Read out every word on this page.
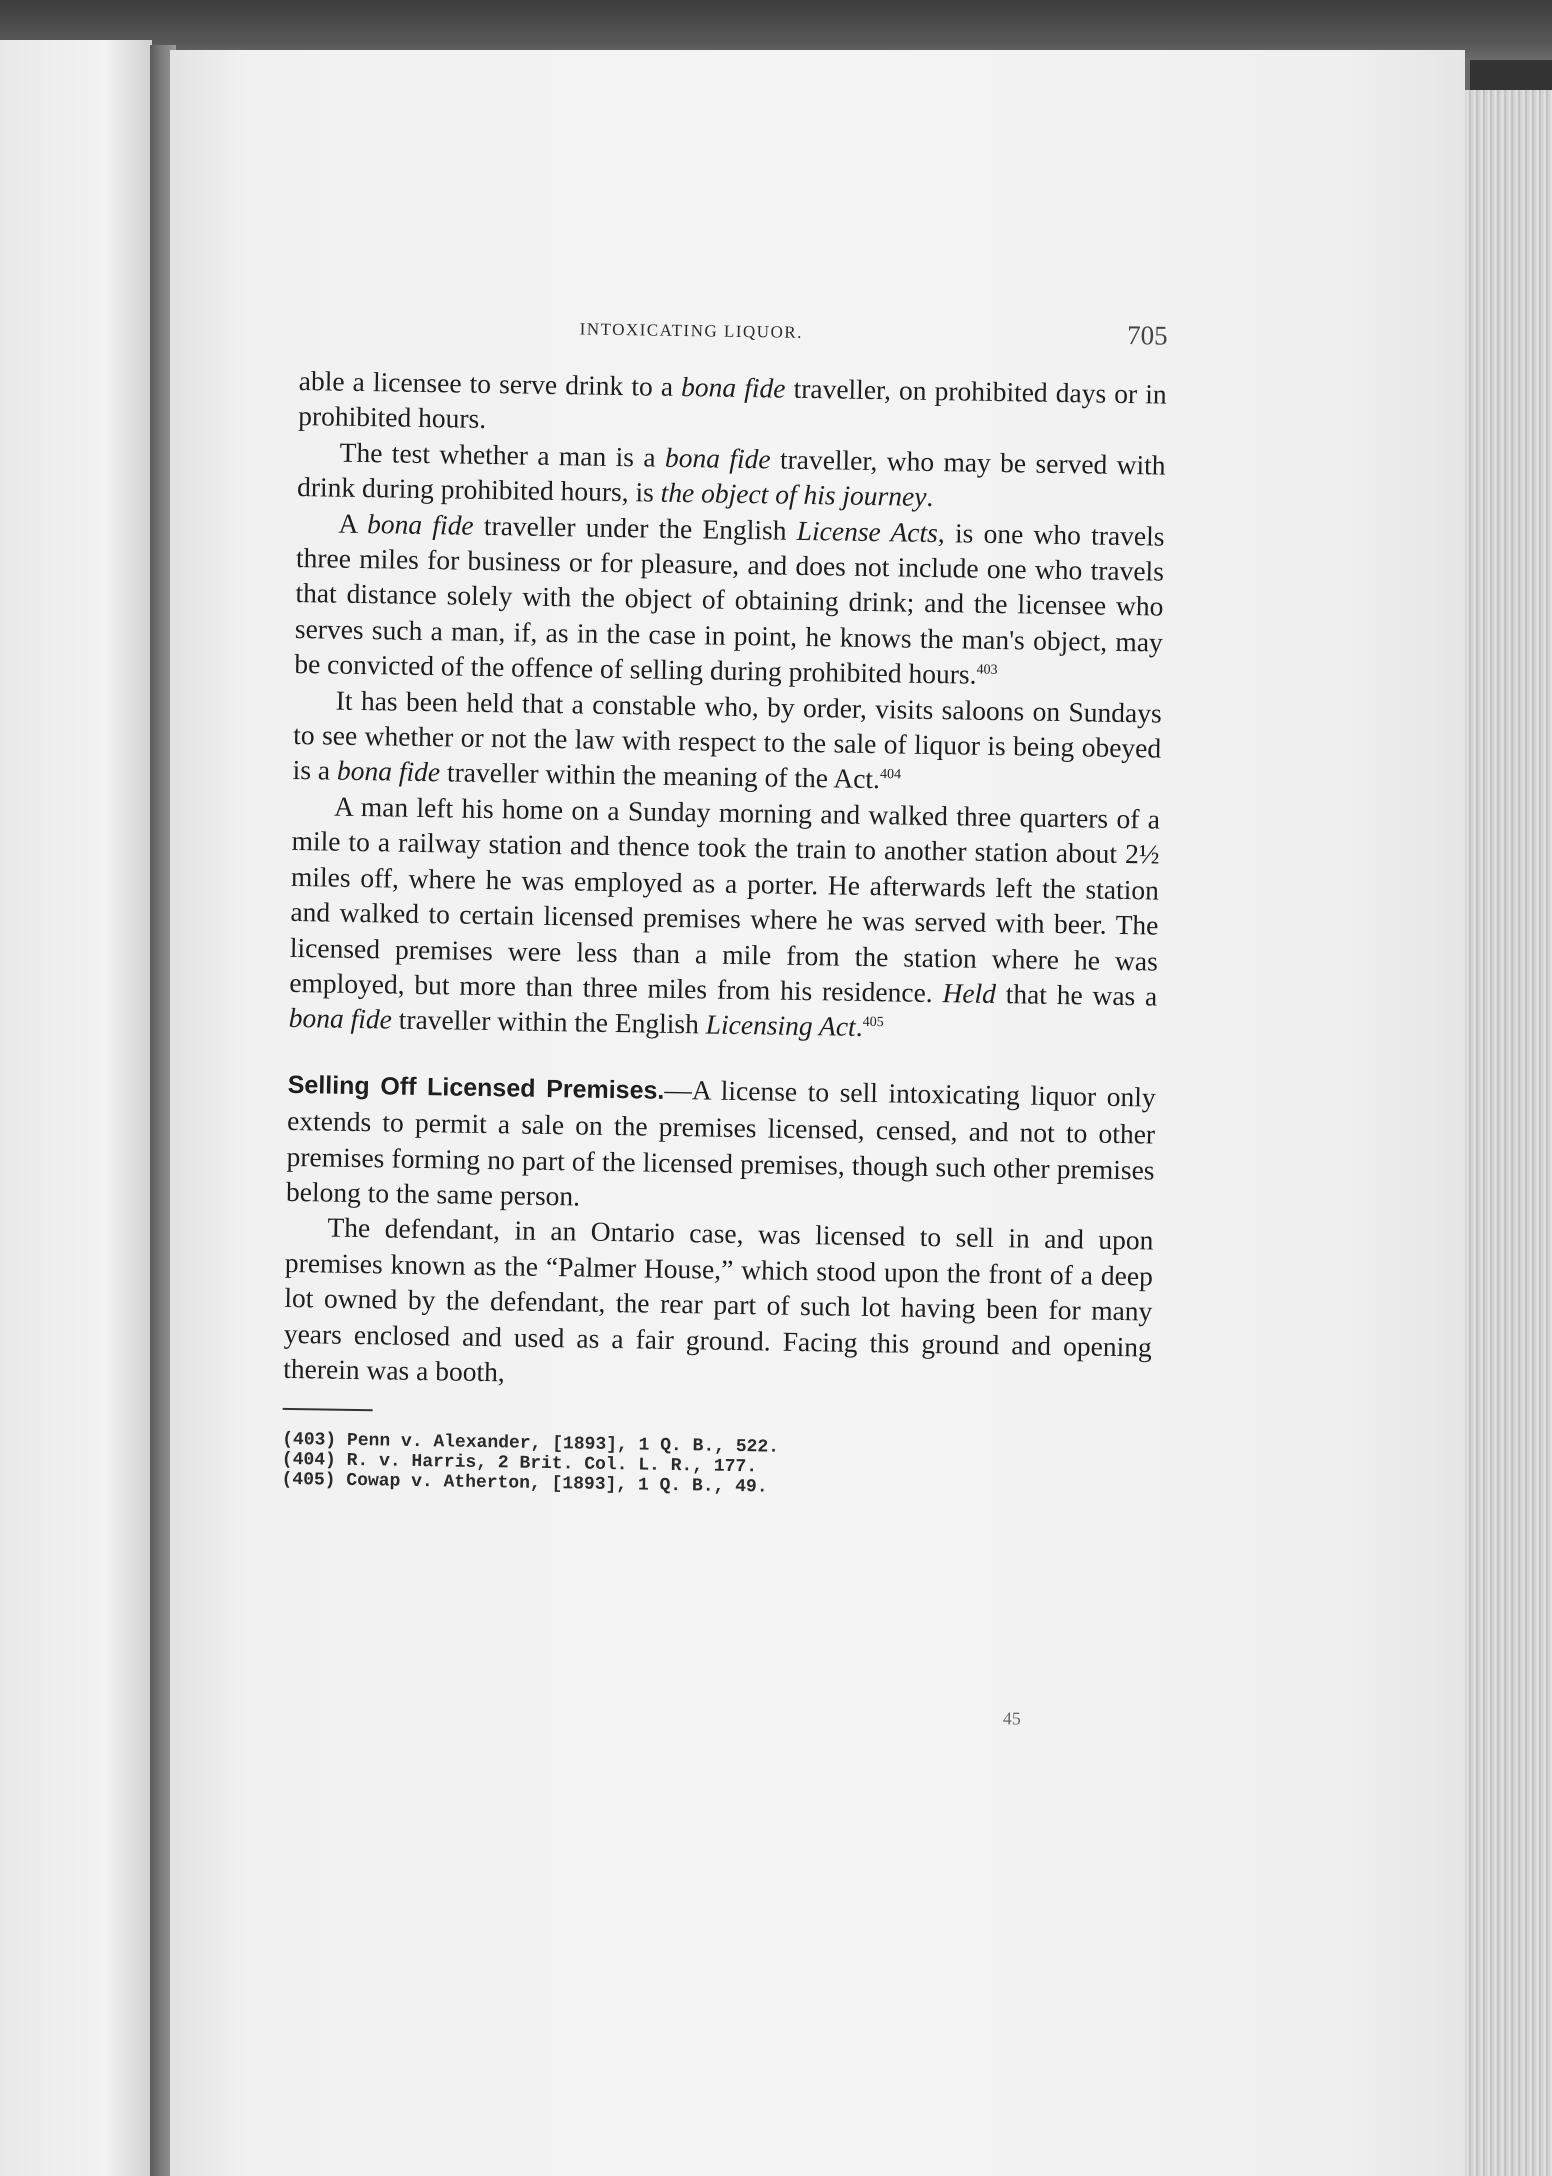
INTOXICATING LIQUOR.	705

able a licensee to serve drink to a bona fide traveller, on prohibited days or in prohibited hours.

The test whether a man is a bona fide traveller, who may be served with drink during prohibited hours, is the object of his journey.

A bona fide traveller under the English License Acts, is one who travels three miles for business or for pleasure, and does not include one who travels that distance solely with the object of obtaining drink; and the licensee who serves such a man, if, as in the case in point, he knows the man's object, may be convicted of the offence of selling during prohibited hours.$^{403}$

It has been held that a constable who, by order, visits saloons on Sundays to see whether or not the law with respect to the sale of liquor is being obeyed is a bona fide traveller within the meaning of the Act.$^{404}$

A man left his home on a Sunday morning and walked three quarters of a mile to a railway station and thence took the train to another station about 2½ miles off, where he was employed as a porter. He afterwards left the station and walked to certain licensed premises where he was served with beer. The licensed premises were less than a mile from the station where he was employed, but more than three miles from his residence. Held that he was a bona fide traveller within the English Licensing Act.$^{405}$

Selling Off Licensed Premises.—A license to sell intoxicating liquor only extends to permit a sale on the premises licensed, censed, and not to other premises forming no part of the licensed premises, though such other premises belong to the same person.

The defendant, in an Ontario case, was licensed to sell in and upon premises known as the “Palmer House,” which stood upon the front of a deep lot owned by the defendant, the rear part of such lot having been for many years enclosed and used as a fair ground. Facing this ground and opening therein was a booth,

(403) Penn v. Alexander, [1893], 1 Q. B., 522.
(404) R. v. Harris, 2 Brit. Col. L. R., 177.
(405) Cowap v. Atherton, [1893], 1 Q. B., 49.
45
